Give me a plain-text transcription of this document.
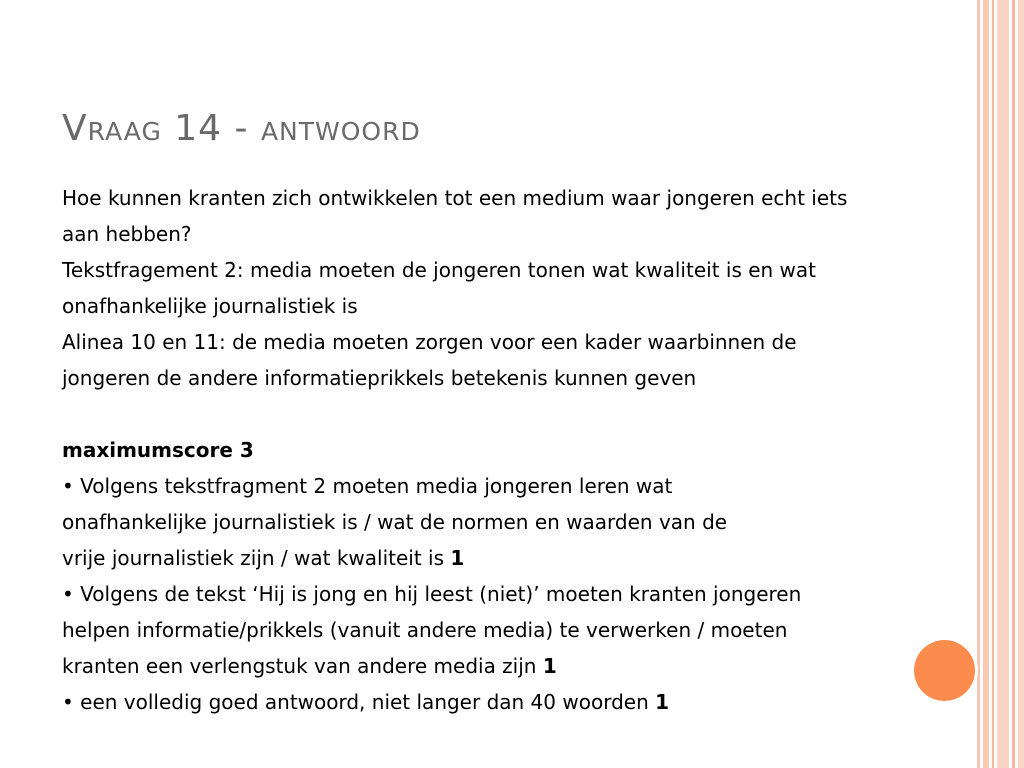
Vraag 14 - antwoord
Hoe kunnen kranten zich ontwikkelen tot een medium waar jongeren echt iets
aan hebben?
Tekstfragement 2: media moeten de jongeren tonen wat kwaliteit is en wat
onafhankelijke journalistiek is
Alinea 10 en 11: de media moeten zorgen voor een kader waarbinnen de
jongeren de andere informatieprikkels betekenis kunnen geven
maximumscore 3
• Volgens tekstfragment 2 moeten media jongeren leren wat
onafhankelijke journalistiek is / wat de normen en waarden van de
vrije journalistiek zijn / wat kwaliteit is 1
• Volgens de tekst ‘Hij is jong en hij leest (niet)’ moeten kranten jongeren
helpen informatie/prikkels (vanuit andere media) te verwerken / moeten
kranten een verlengstuk van andere media zijn 1
• een volledig goed antwoord, niet langer dan 40 woorden 1
